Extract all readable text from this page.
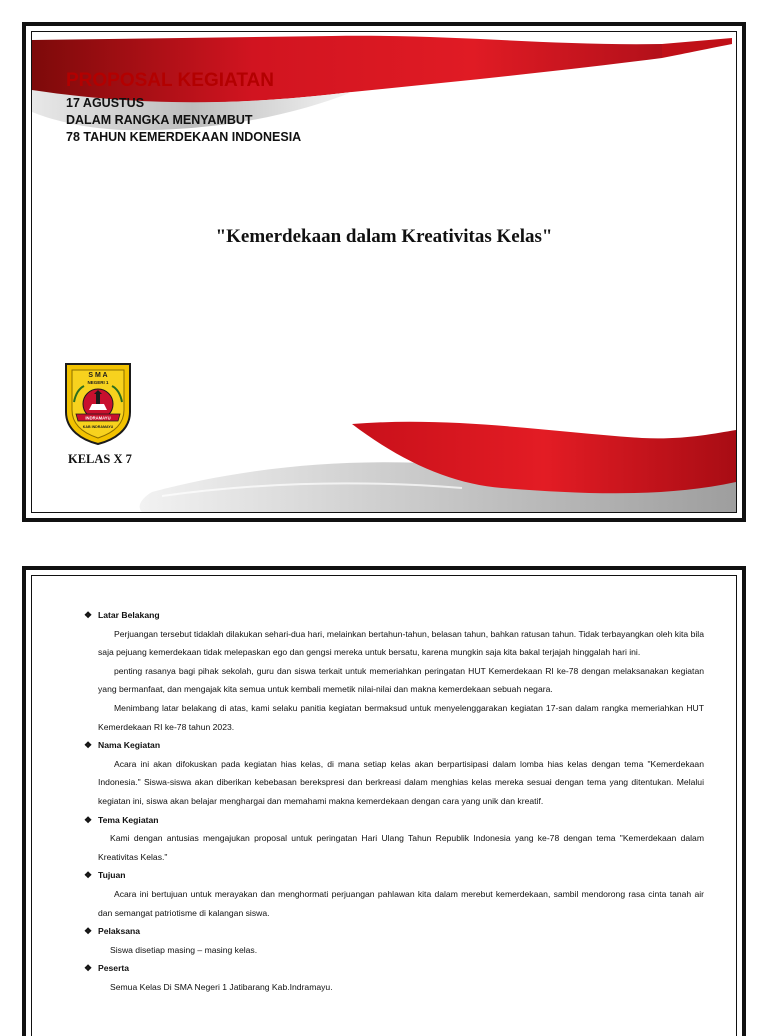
PROPOSAL KEGIATAN

17 AGUSTUS

DALAM RANGKA MENYAMBUT

78 TAHUN KEMERDEKAAN INDONESIA

"Kemerdekaan dalam Kreativitas Kelas"
S M A
NEGERI 1
INDRAMAYU
KAB INDRAMAYU

KELAS X 7

❖ Latar Belakang

Perjuangan tersebut tidaklah dilakukan sehari-dua hari, melainkan bertahun-tahun, belasan tahun, bahkan ratusan tahun. Tidak terbayangkan oleh kita bila saja pejuang kemerdekaan tidak melepaskan ego dan gengsi mereka untuk bersatu, karena mungkin saja kita bakal terjajah hinggalah hari ini.

penting rasanya bagi pihak sekolah, guru dan siswa terkait untuk memeriahkan peringatan HUT Kemerdekaan RI ke-78 dengan melaksanakan kegiatan yang bermanfaat, dan mengajak kita semua untuk kembali memetik nilai-nilai dan makna kemerdekaan sebuah negara.

Menimbang latar belakang di atas, kami selaku panitia kegiatan bermaksud untuk menyelenggarakan kegiatan 17-san dalam rangka memeriahkan HUT Kemerdekaan RI ke-78 tahun 2023.

❖ Nama Kegiatan

Acara ini akan difokuskan pada kegiatan hias kelas, di mana setiap kelas akan berpartisipasi dalam lomba hias kelas dengan tema "Kemerdekaan Indonesia." Siswa-siswa akan diberikan kebebasan berekspresi dan berkreasi dalam menghias kelas mereka sesuai dengan tema yang ditentukan. Melalui kegiatan ini, siswa akan belajar menghargai dan memahami makna kemerdekaan dengan cara yang unik dan kreatif.

❖ Tema Kegiatan

Kami dengan antusias mengajukan proposal untuk peringatan Hari Ulang Tahun Republik Indonesia yang ke-78 dengan tema "Kemerdekaan dalam Kreativitas Kelas."

❖ Tujuan

Acara ini bertujuan untuk merayakan dan menghormati perjuangan pahlawan kita dalam merebut kemerdekaan, sambil mendorong rasa cinta tanah air dan semangat patriotisme di kalangan siswa.

❖ Pelaksana

Siswa disetiap masing – masing kelas.

❖ Peserta

Semua Kelas Di SMA Negeri 1 Jatibarang Kab.Indramayu.
